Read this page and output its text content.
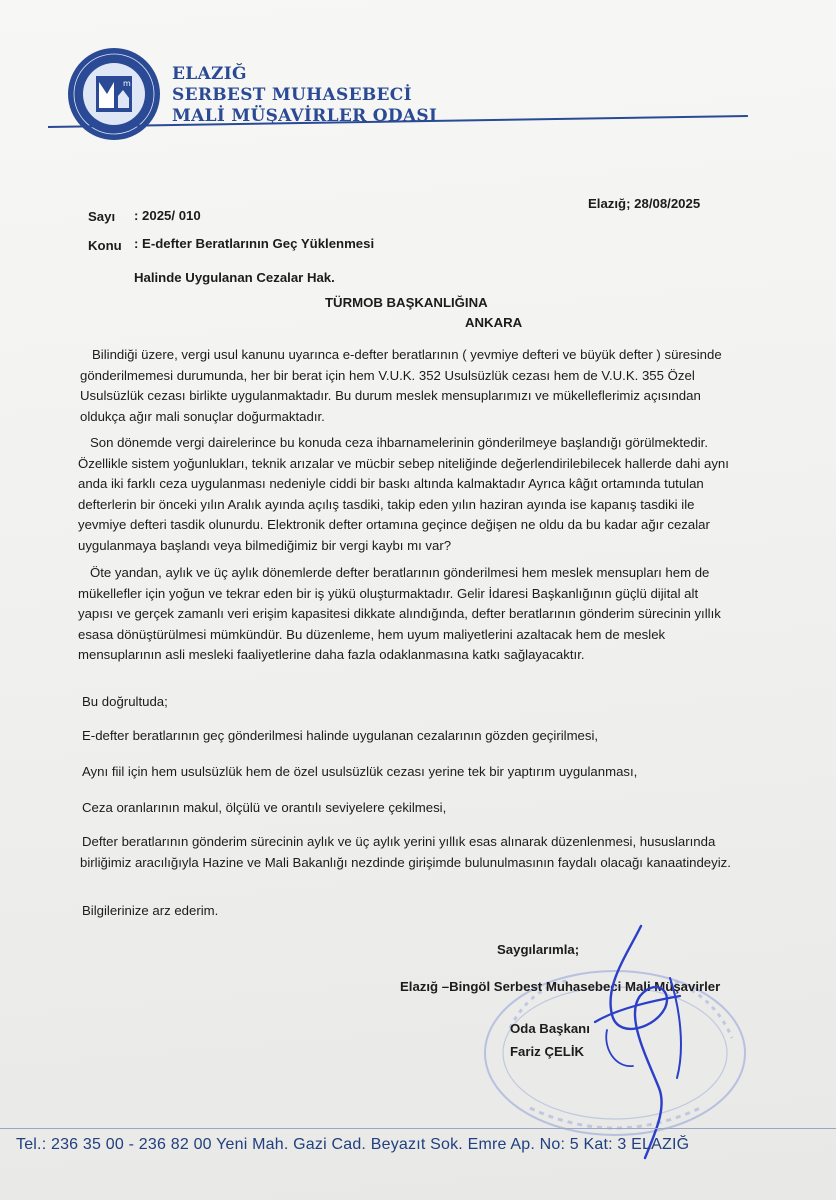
m ELAZIĞ
SERBEST MUHASEBECİ
MALİ MÜŞAVİRLER ODASI
Elazığ; 28/08/2025
Sayı : 2025/ 010
Konu : E-defter Beratlarının Geç Yüklenmesi
Halinde Uygulanan Cezalar Hak.
TÜRMOB BAŞKANLIĞINA
ANKARA
Bilindiği üzere, vergi usul kanunu uyarınca e-defter beratlarının ( yevmiye defteri ve büyük defter ) süresinde
gönderilmemesi durumunda, her bir berat için hem V.U.K. 352 Usulsüzlük cezası hem de V.U.K. 355 Özel
Usulsüzlük cezası birlikte uygulanmaktadır. Bu durum meslek mensuplarımızı ve mükelleflerimiz açısından
oldukça ağır mali sonuçlar doğurmaktadır.
Son dönemde vergi dairelerince bu konuda ceza ihbarnamelerinin gönderilmeye başlandığı görülmektedir.
Özellikle sistem yoğunlukları, teknik arızalar ve mücbir sebep niteliğinde değerlendirilebilecek hallerde dahi aynı
anda iki farklı ceza uygulanması nedeniyle ciddi bir baskı altında kalmaktadır Ayrıca kâğıt ortamında tutulan
defterlerin bir önceki yılın Aralık ayında açılış tasdiki, takip eden yılın haziran ayında ise kapanış tasdiki ile
yevmiye defteri tasdik olunurdu. Elektronik defter ortamına geçince değişen ne oldu da bu kadar ağır cezalar
uygulanmaya başlandı veya bilmediğimiz bir vergi kaybı mı var?
Öte yandan, aylık ve üç aylık dönemlerde defter beratlarının gönderilmesi hem meslek mensupları hem de
mükellefler için yoğun ve tekrar eden bir iş yükü oluşturmaktadır. Gelir İdaresi Başkanlığının güçlü dijital alt
yapısı ve gerçek zamanlı veri erişim kapasitesi dikkate alındığında, defter beratlarının gönderim sürecinin yıllık
esasa dönüştürülmesi mümkündür. Bu düzenleme, hem uyum maliyetlerini azaltacak hem de meslek
mensuplarının asli mesleki faaliyetlerine daha fazla odaklanmasına katkı sağlayacaktır.
Bu doğrultuda;
E-defter beratlarının geç gönderilmesi halinde uygulanan cezalarının gözden geçirilmesi,
Aynı fiil için hem usulsüzlük hem de özel usulsüzlük cezası yerine tek bir yaptırım uygulanması,
Ceza oranlarının makul, ölçülü ve orantılı seviyelere çekilmesi,
Defter beratlarının gönderim sürecinin aylık ve üç aylık yerini yıllık esas alınarak düzenlenmesi, hususlarında
birliğimiz aracılığıyla Hazine ve Mali Bakanlığı nezdinde girişimde bulunulmasının faydalı olacağı kanaatindeyiz.
Bilgilerinize arz ederim.
Saygılarımla;
Elazığ –Bingöl Serbest Muhasebeci Mali Müşavirler
Oda Başkanı
Fariz ÇELİK
Tel.: 236 35 00 - 236 82 00 Yeni Mah. Gazi Cad. Beyazıt Sok. Emre Ap. No: 5 Kat: 3 ELAZIĞ
